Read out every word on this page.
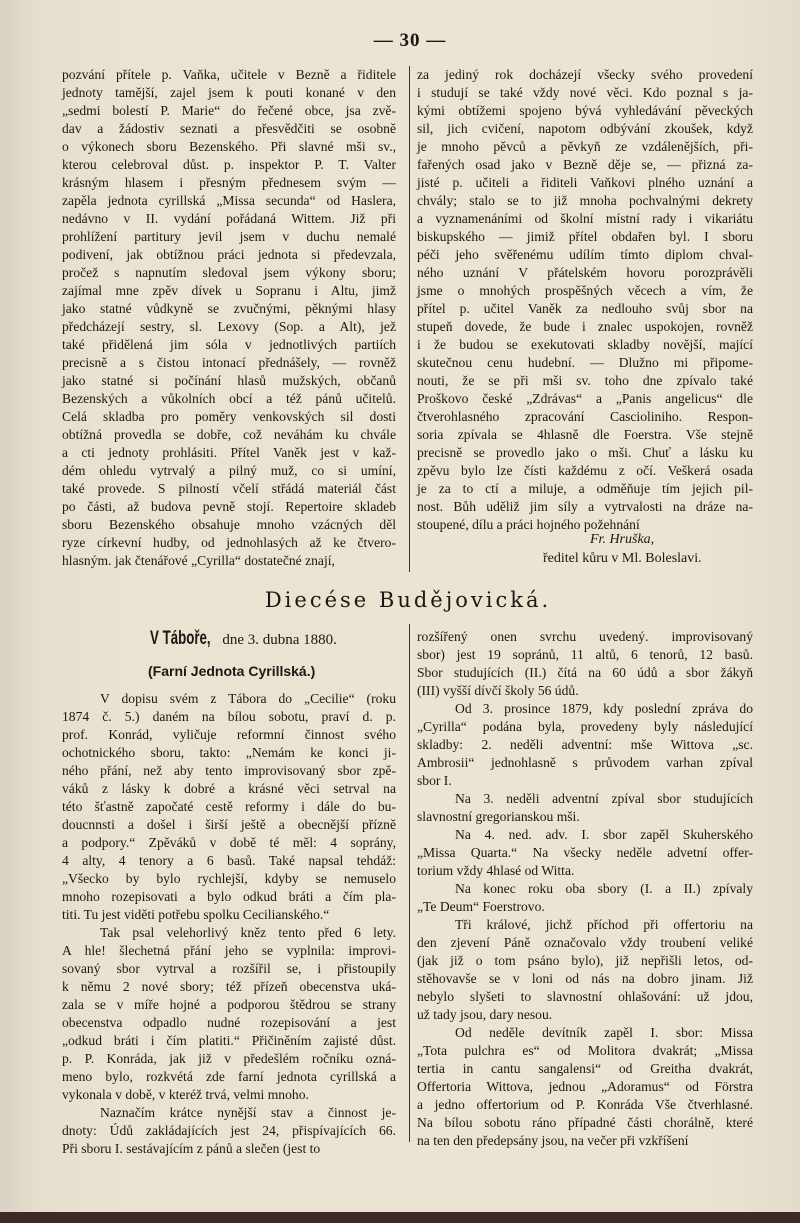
— 30 —
pozvání přítele p. Vaňka, učitele v Bezně a řiditele
jednoty tamější, zajel jsem k pouti konané v den
„sedmi bolestí P. Marie“ do řečené obce, jsa zvě-
dav a žádostiv seznati a přesvědčiti se osobně
o výkonech sboru Bezenského. Při slavné mši sv.,
kterou celebroval důst. p. inspektor P. T. Valter
krásným hlasem i přesným přednesem svým —
zapěla jednota cyrillská „Missa secunda“ od Haslera,
nedávno v II. vydání pořádaná Wittem. Již při
prohlížení partitury jevil jsem v duchu nemalé
podivení, jak obtížnou práci jednota si předevzala,
pročež s napnutím sledoval jsem výkony sboru;
zajímal mne zpěv dívek u Sopranu i Altu, jimž
jako statné vůdkyně se zvučnými, pěknými hlasy
předcházejí sestry, sl. Lexovy (Sop. a Alt), jež
také přidělená jim sóla v jednotlivých partiích
precisně a s čistou intonací přednášely, — rovněž
jako statné si počínání hlasů mužských, občanů
Bezenských a vůkolních obcí a též pánů učitelů.
Celá skladba pro poměry venkovských sil dosti
obtížná provedla se dobře, což neváhám ku chvále
a cti jednoty prohlásiti. Přítel Vaněk jest v kaž-
dém ohledu vytrvalý a pilný muž, co si umíní,
také provede. S pilností včelí střádá materiál část
po části, až budova pevně stojí. Repertoire skladeb
sboru Bezenského obsahuje mnoho vzácných děl
ryze církevní hudby, od jednohlasých až ke čtvero-
hlasným. jak čtenářové „Cyrilla“ dostatečné znají,
za jediný rok docházejí všecky svého provedení
i studují se také vždy nové věci. Kdo poznal s ja-
kými obtížemi spojeno bývá vyhledávání pěveckých
sil, jich cvičení, napotom odbývání zkoušek, když
je mnoho pěvců a pěvkyň ze vzdálenějších, při-
fařených osad jako v Bezně děje se, — přizná za-
jisté p. učiteli a řiditeli Vaňkovi plného uznání a
chvály; stalo se to již mnoha pochvalnými dekrety
a vyznamenáními od školní místní rady i vikariátu
biskupského — jimiž přítel obdařen byl. I sboru
péči jeho svěřenému udílím tímto diplom chval-
ného uznání V přátelském hovoru porozprávěli
jsme o mnohých prospěšných věcech a vím, že
přítel p. učitel Vaněk za nedlouho svůj sbor na
stupeň dovede, že bude i znalec uspokojen, rovněž
i že budou se exekutovati skladby novější, mající
skutečnou cenu hudební. — Dlužno mi připome-
nouti, že se při mši sv. toho dne zpívalo také
Proškovo české „Zdrávas“ a „Panis angelicus“ dle
čtverohlasného zpracování Cascioliniho. Respon-
soria zpívala se 4hlasně dle Foerstra. Vše stejně
precisně se provedlo jako o mši. Chuť a lásku ku
zpěvu bylo lze čísti každému z očí. Veškerá osada
je za to ctí a miluje, a odměňuje tím jejich pil-
nost. Bůh uděliž jim síly a vytrvalosti na dráze na-
stoupené, dílu a práci hojného požehnání
Fr. Hruška,
ředitel kůru v Ml. Boleslavi.
Diecése Budějovická.
V Táboře, dne 3. dubna 1880.
(Farní Jednota Cyrillská.)
V dopisu svém z Tábora do „Cecilie“ (roku
1874 č. 5.) daném na bílou sobotu, praví d. p.
prof. Konrád, vyličuje reformní činnost svého
ochotnického sboru, takto: „Nemám ke konci ji-
ného přání, než aby tento improvisovaný sbor zpě-
váků z lásky k dobré a krásné věci setrval na
této šťastně započaté cestě reformy i dále do bu-
doucnnsti a došel i širší ještě a obecnější přízně
a podpory.“ Zpěváků v době té měl: 4 soprány,
4 alty, 4 tenory a 6 basů. Také napsal tehdáž:
„Všecko by bylo rychlejší, kdyby se nemuselo
mnoho rozepisovati a bylo odkud bráti a čím pla-
titi. Tu jest viděti potřebu spolku Cecilianského.“
Tak psal velehorlivý kněz tento před 6 lety.
A hle! šlechetná přání jeho se vyplnila: improvi-
sovaný sbor vytrval a rozšířil se, i přistoupily
k němu 2 nové sbory; též přízeň obecenstva uká-
zala se v míře hojné a podporou štědrou se strany
obecenstva odpadlo nudné rozepisování a jest
„odkud bráti i čím platiti.“ Přičiněním zajisté důst.
p. P. Konráda, jak již v předešlém ročníku ozná-
meno bylo, rozkvétá zde farní jednota cyrillská a
vykonala v době, v kteréž trvá, velmi mnoho.
Naznačím krátce nynější stav a činnost je-
dnoty: Údů zakládajících jest 24, přispívajících 66.
Při sboru I. sestávajícím z pánů a slečen (jest to
rozšířený onen svrchu uvedený. improvisovaný
sbor) jest 19 sopránů, 11 altů, 6 tenorů, 12 basů.
Sbor studujících (II.) čítá na 60 údů a sbor žákyň
(III) vyšší dívčí školy 56 údů.
Od 3. prosince 1879, kdy poslední zpráva do
„Cyrilla“ podána byla, provedeny byly následující
skladby: 2. neděli adventní: mše Wittova „sc.
Ambrosii“ jednohlasně s průvodem varhan zpíval
sbor I.
Na 3. neděli adventní zpíval sbor studujících
slavnostní gregorianskou mši.
Na 4. ned. adv. I. sbor zapěl Skuherského
„Missa Quarta.“ Na všecky neděle advetní offer-
torium vždy 4hlasé od Witta.
Na konec roku oba sbory (I. a II.) zpívaly
„Te Deum“ Foerstrovo.
Tři králové, jichž příchod při offertoriu na
den zjevení Páně označovalo vždy troubení veliké
(jak již o tom psáno bylo), již nepřišli letos, od-
stěhovavše se v loni od nás na dobro jinam. Již
nebylo slyšeti to slavnostní ohlašování: už jdou,
už tady jsou, dary nesou.
Od neděle devítník zapěl I. sbor: Missa
„Tota pulchra es“ od Molitora dvakrát; „Missa
tertia in cantu sangalensi“ od Greitha dvakrát,
Offertoria Wittova, jednou „Adoramus“ od Förstra
a jedno offertorium od P. Konráda Vše čtverhlasné.
Na bílou sobotu ráno případné části chorálně, které
na ten den předepsány jsou, na večer při vzkříšení
